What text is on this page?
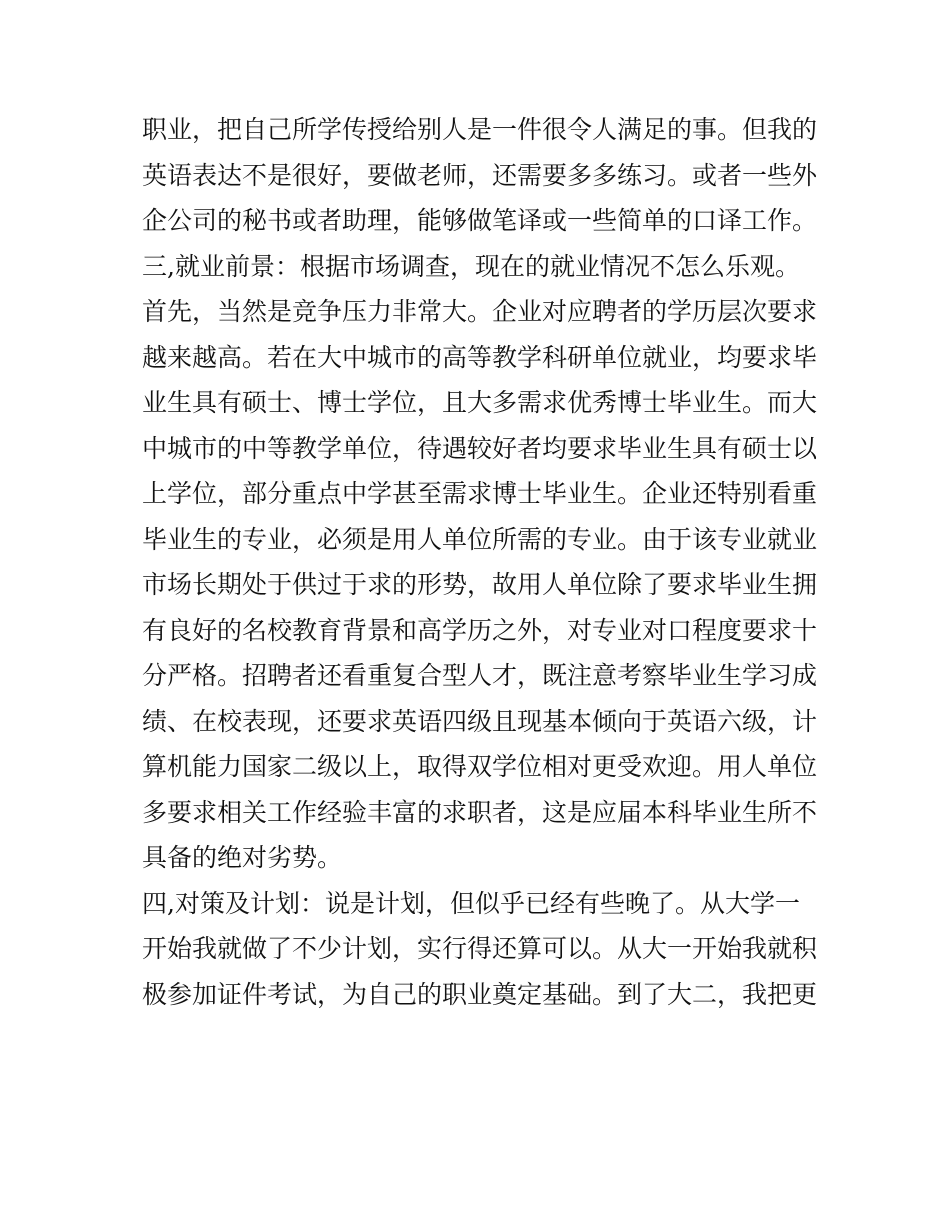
职业，把自己所学传授给别人是一件很令人满足的事。但我的
英语表达不是很好，要做老师，还需要多多练习。或者一些外
企公司的秘书或者助理，能够做笔译或一些简单的口译工作。
三,就业前景：根据市场调查，现在的就业情况不怎么乐观。
首先，当然是竞争压力非常大。企业对应聘者的学历层次要求
越来越高。若在大中城市的高等教学科研单位就业，均要求毕
业生具有硕士、博士学位，且大多需求优秀博士毕业生。而大
中城市的中等教学单位，待遇较好者均要求毕业生具有硕士以
上学位，部分重点中学甚至需求博士毕业生。企业还特别看重
毕业生的专业，必须是用人单位所需的专业。由于该专业就业
市场长期处于供过于求的形势，故用人单位除了要求毕业生拥
有良好的名校教育背景和高学历之外，对专业对口程度要求十
分严格。招聘者还看重复合型人才，既注意考察毕业生学习成
绩、在校表现，还要求英语四级且现基本倾向于英语六级，计
算机能力国家二级以上，取得双学位相对更受欢迎。用人单位
多要求相关工作经验丰富的求职者，这是应届本科毕业生所不
具备的绝对劣势。
四,对策及计划：说是计划，但似乎已经有些晚了。从大学一
开始我就做了不少计划，实行得还算可以。从大一开始我就积
极参加证件考试，为自己的职业奠定基础。到了大二，我把更
